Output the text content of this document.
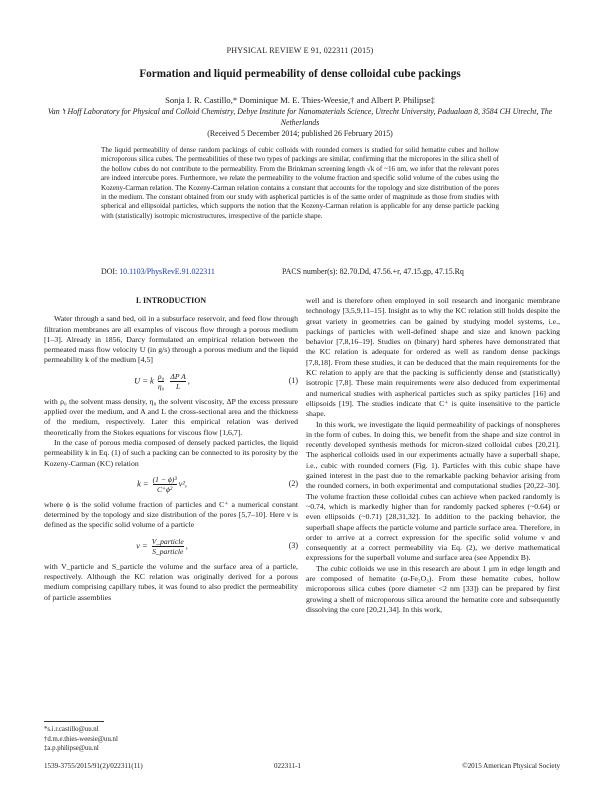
PHYSICAL REVIEW E 91, 022311 (2015)
Formation and liquid permeability of dense colloidal cube packings
Sonja I. R. Castillo,* Dominique M. E. Thies-Weesie,† and Albert P. Philipse‡
Van ’t Hoff Laboratory for Physical and Colloid Chemistry, Debye Institute for Nanomaterials Science, Utrecht University, Padualaan 8, 3584 CH Utrecht, The Netherlands
(Received 5 December 2014; published 26 February 2015)
The liquid permeability of dense random packings of cubic colloids with rounded corners is studied for solid hematite cubes and hollow microporous silica cubes. The permeabilities of these two types of packings are similar, confirming that the micropores in the silica shell of the hollow cubes do not contribute to the permeability. From the Brinkman screening length √k of ~16 nm, we infer that the relevant pores are indeed intercube pores. Furthermore, we relate the permeability to the volume fraction and specific solid volume of the cubes using the Kozeny-Carman relation. The Kozeny-Carman relation contains a constant that accounts for the topology and size distribution of the pores in the medium. The constant obtained from our study with aspherical particles is of the same order of magnitude as those from studies with spherical and ellipsoidal particles, which supports the notion that the Kozeny-Carman relation is applicable for any dense particle packing with (statistically) isotropic microstructures, irrespective of the particle shape.
DOI: 10.1103/PhysRevE.91.022311	PACS number(s): 82.70.Dd, 47.56.+r, 47.15.gp, 47.15.Rq
I. INTRODUCTION

Water through a sand bed, oil in a subsurface reservoir, and feed flow through filtration membranes are all examples of viscous flow through a porous medium [1–3]. Already in 1856, Darcy formulated an empirical relation between the permeated mass flow velocity U (in g/s) through a porous medium and the liquid permeability k of the medium [4,5]

U = k $\frac{\text{ρ₀}}{\text{η₀}}$
$\frac{\text{ΔP A}}{L}$ ,	(1)

with ρ₀ the solvent mass density, η₀ the solvent viscosity, ΔP the excess pressure applied over the medium, and A and L the cross-sectional area and the thickness of the medium, respectively. Later this empirical relation was derived theoretically from the Stokes equations for viscous flow [1,6,7].

In the case of porous media composed of densely packed particles, the liquid permeability k in Eq. (1) of such a packing can be connected to its porosity by the Kozeny-Carman (KC) relation

$k = \frac{\text{(1 − ϕ)³}}{\text{C⁺ϕ²}} \nu^2$,	(2)

where ϕ is the solid volume fraction of particles and C⁺ a numerical constant determined by the topology and size distribution of the pores [5,7–10]. Here ν is defined as the specific solid volume of a particle

$\nu = \frac{\text{V\_particle}}{\text{S\_particle}}$ ,	(3)

with V_particle and S_particle the volume and the surface area of a particle, respectively. Although the KC relation was originally derived for a porous medium comprising capillary tubes, it was found to also predict the permeability of particle assemblies

well and is therefore often employed in soil research and inorganic membrane technology [3,5,9,11–15]. Insight as to why the KC relation still holds despite the great variety in geometries can be gained by studying model systems, i.e., packings of particles with well-defined shape and size and known packing behavior [7,8,16–19]. Studies on (binary) hard spheres have demonstrated that the KC relation is adequate for ordered as well as random dense packings [7,8,18]. From these studies, it can be deduced that the main requirements for the KC relation to apply are that the packing is sufficiently dense and (statistically) isotropic [7,8]. These main requirements were also deduced from experimental and numerical studies with aspherical particles such as spiky particles [16] and ellipsoids [19]. The studies indicate that C⁺ is quite insensitive to the particle shape.

In this work, we investigate the liquid permeability of packings of nonspheres in the form of cubes. In doing this, we benefit from the shape and size control in recently developed synthesis methods for micron-sized colloidal cubes [20,21]. The aspherical colloids used in our experiments actually have a superball shape, i.e., cubic with rounded corners (Fig. 1). Particles with this cubic shape have gained interest in the past due to the remarkable packing behavior arising from the rounded corners, in both experimental and computational studies [20,22–30]. The volume fraction these colloidal cubes can achieve when packed randomly is ~0.74, which is markedly higher than for randomly packed spheres (~0.64) or even ellipsoids (~0.71) [28,31,32]. In addition to the packing behavior, the superball shape affects the particle volume and particle surface area. Therefore, in order to arrive at a correct expression for the specific solid volume ν and consequently at a correct permeability via Eq. (2), we derive mathematical expressions for the superball volume and surface area (see Appendix B).

The cubic colloids we use in this research are about 1 μm in edge length and are composed of hematite (α-Fe₂O₃). From these hematite cubes, hollow microporous silica cubes (pore diameter <2 nm [33]) can be prepared by first growing a shell of microporous silica around the hematite core and subsequently dissolving the core [20,21,34]. In this work,

*s.i.r.castillo@uu.nl
†d.m.e.thies-weesie@uu.nl
‡a.p.philipse@uu.nl
1539-3755/2015/91(2)/022311(11)	022311-1	©2015 American Physical Society
